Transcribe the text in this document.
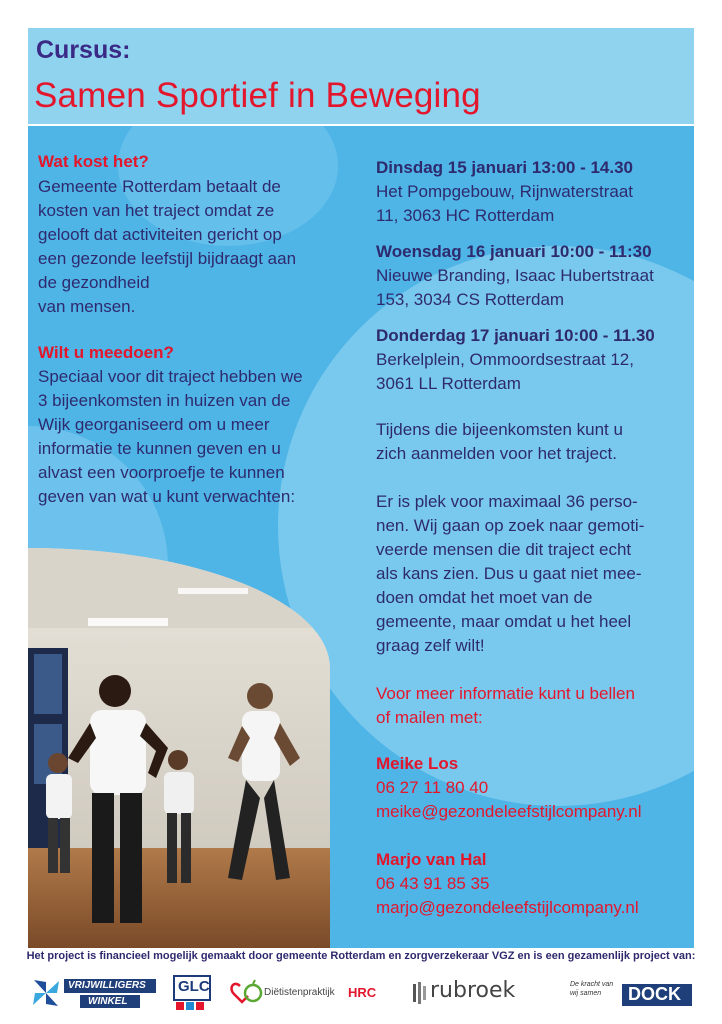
Cursus:
Samen Sportief in Beweging

Wat kost het?

Gemeente Rotterdam betaalt de

kosten van het traject omdat ze

gelooft dat activiteiten gericht op

een gezonde leefstijl bijdraagt aan

de gezondheid

van mensen.

Wilt u meedoen?

Speciaal voor dit traject hebben we

3 bijeenkomsten in huizen van de

Wijk georganiseerd om u meer

informatie te kunnen geven en u

alvast een voorproefje te kunnen

geven van wat u kunt verwachten:

Dinsdag 15 januari 13:00 - 14.30

Het Pompgebouw, Rijnwaterstraat

11, 3063 HC Rotterdam

Woensdag 16 januari 10:00 - 11:30

Nieuwe Branding, Isaac Hubertstraat

153, 3034 CS Rotterdam

Donderdag 17 januari 10:00 - 11.30

Berkelplein, Ommoordsestraat 12,

3061 LL Rotterdam

Tijdens die bijeenkomsten kunt u

zich aanmelden voor het traject.

Er is plek voor maximaal 36 perso-

nen. Wij gaan op zoek naar gemoti-

veerde mensen die dit traject echt

als kans zien. Dus u gaat niet mee-

doen omdat het moet van de

gemeente, maar omdat u het heel

graag zelf wilt!

Voor meer informatie kunt u bellen

of mailen met:

Meike Los

06 27 11 80 40

meike@gezondeleefstijlcompany.nl

Marjo van Hal

06 43 91 85 35

marjo@gezondeleefstijlcompany.nl

Het project is financieel mogelijk gemaakt door gemeente Rotterdam en zorgverzekeraar VGZ en is een gezamenlijk project van:
VRIJWILLIGERS
WINKEL
GLC	Diëtistenpraktijk HRC rubroek	De kracht van wij samen	DOCK
